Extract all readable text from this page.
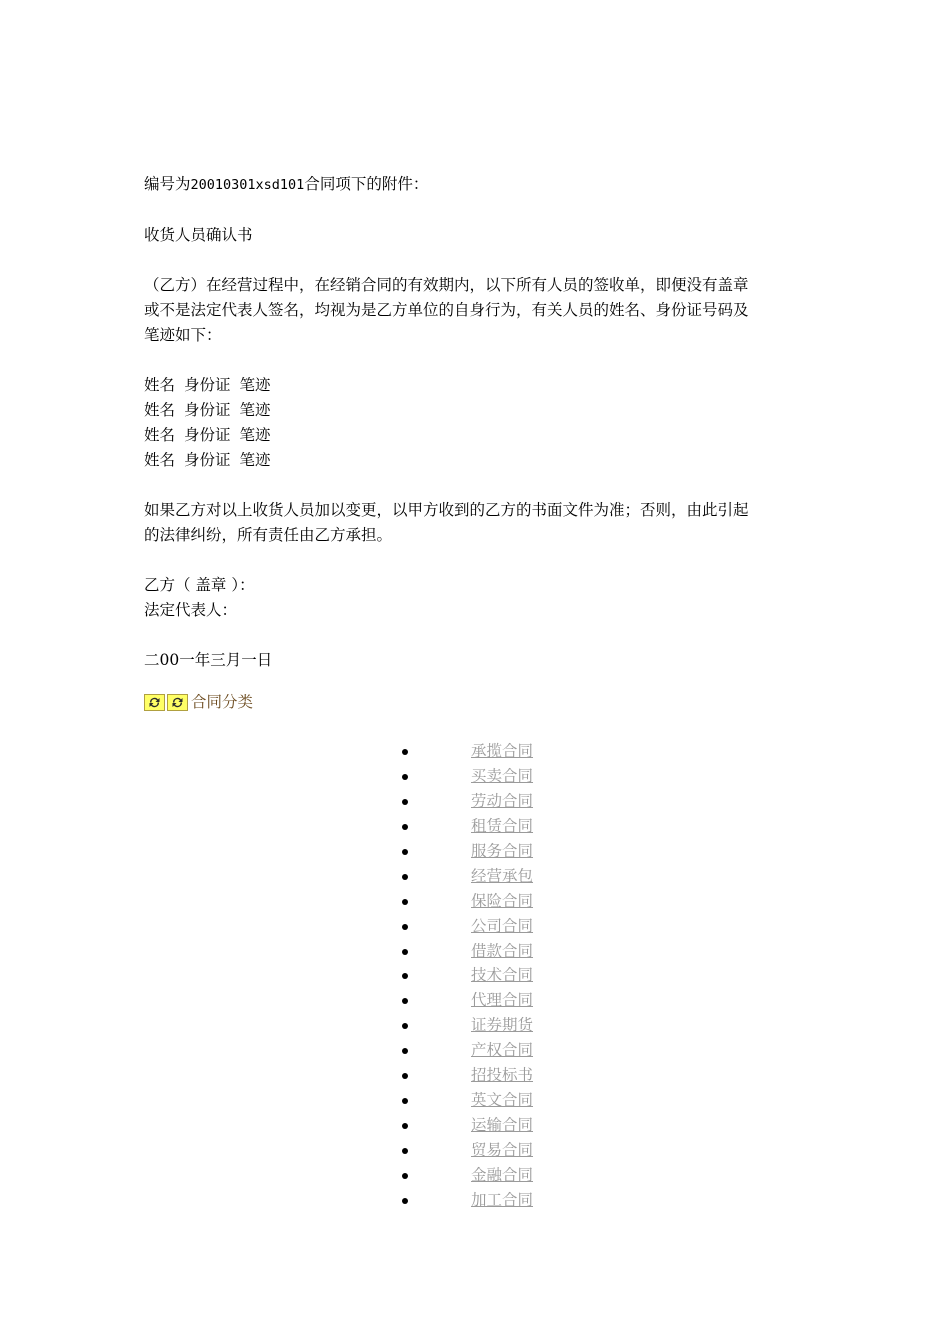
编号为20010301xsd101合同项下的附件：

收货人员确认书

（乙方）在经营过程中，在经销合同的有效期内，以下所有人员的签收单，即便没有盖章

或不是法定代表人签名，均视为是乙方单位的自身行为，有关人员的姓名、身份证号码及

笔迹如下：

姓名 身份证 笔迹

姓名 身份证 笔迹

姓名 身份证 笔迹

姓名 身份证 笔迹

如果乙方对以上收货人员加以变更，以甲方收到的乙方的书面文件为准；否则，由此引起

的法律纠纷，所有责任由乙方承担。

乙方（ 盖章 ）：

法定代表人：

二00一年三月一日

合同分类
承揽合同
买卖合同
劳动合同
租赁合同
服务合同
经营承包
保险合同
公司合同
借款合同
技术合同
代理合同
证券期货
产权合同
招投标书
英文合同
运输合同
贸易合同
金融合同
加工合同
